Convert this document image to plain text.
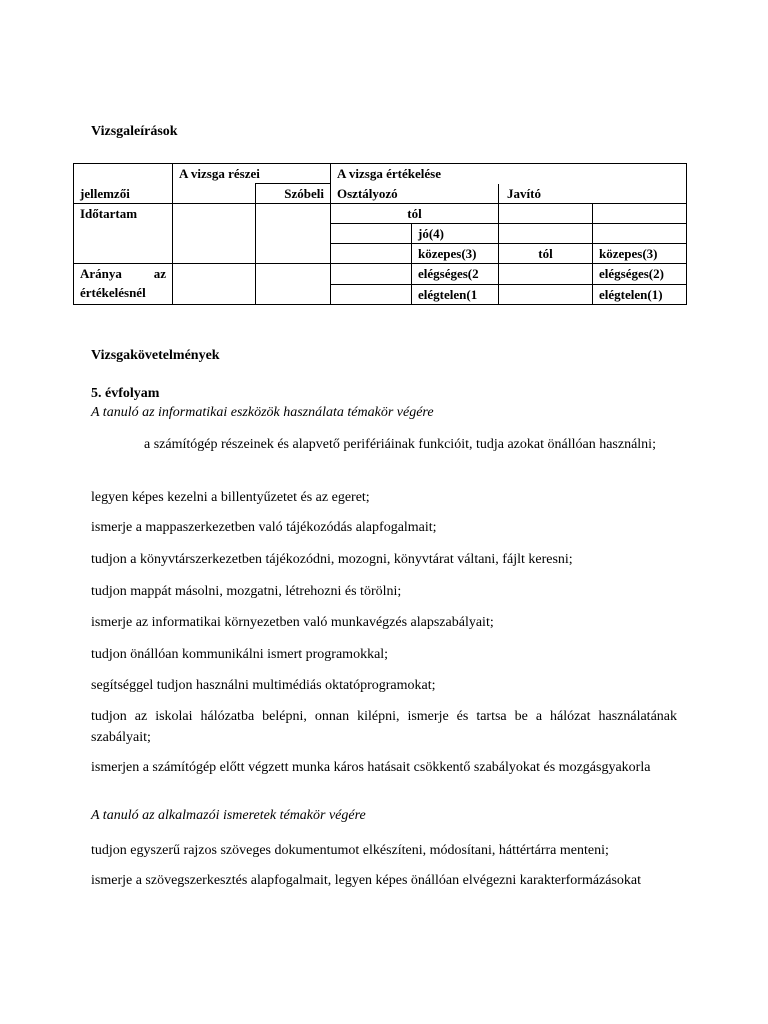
Vizsgaleírások
	A vizsga részei		A vizsga értékelése			
jellemzői		Szóbeli	Osztályozó		Javító	
Időtartam			tól			
				jó(4)		
				közepes(3)	tól	közepes(3)

Aránya az
értékelésnél				elégséges(2		elégséges(2)
				elégtelen(1		elégtelen(1)
Vizsgakövetelmények
5. évfolyam
A tanuló az informatikai eszközök használata témakör végére
a számítógép részeinek és alapvető perifériáinak funkcióit, tudja azokat önállóan használni;
legyen képes kezelni a billentyűzetet és az egeret;
ismerje a mappaszerkezetben való tájékozódás alapfogalmait;
tudjon a könyvtárszerkezetben tájékozódni, mozogni, könyvtárat váltani, fájlt keresni;
tudjon mappát másolni, mozgatni, létrehozni és törölni;
ismerje az informatikai környezetben való munkavégzés alapszabályait;
tudjon önállóan kommunikálni ismert programokkal;
segítséggel tudjon használni multimédiás oktatóprogramokat;
tudjon az iskolai hálózatba belépni, onnan kilépni, ismerje és tartsa be a hálózat használatának szabályait;
ismerjen a számítógép előtt végzett munka káros hatásait csökkentő szabályokat és mozgásgyakorla
A tanuló az alkalmazói ismeretek témakör végére
tudjon egyszerű rajzos szöveges dokumentumot elkészíteni, módosítani, háttértárra menteni;
ismerje a szövegszerkesztés alapfogalmait, legyen képes önállóan elvégezni karakterformázásokat
